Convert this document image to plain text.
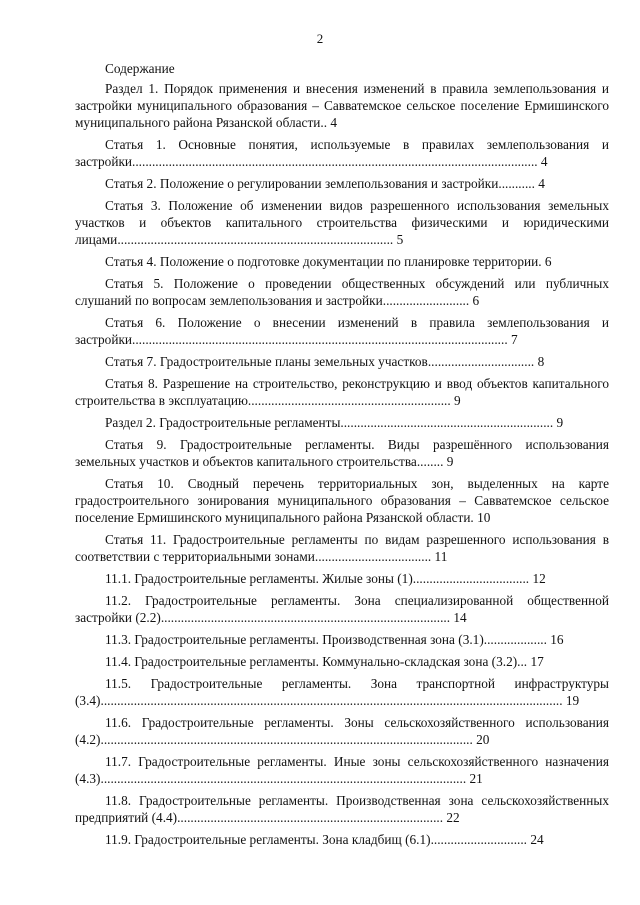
2
Содержание
Раздел 1. Порядок применения и внесения изменений в правила землепользования и застройки муниципального образования – Савватемское сельское поселение Ермишинского муниципального района Рязанской области.. 4
Статья 1. Основные понятия, используемые в правилах землепользования и застройки.......................................................................................................................... 4
Статья 2. Положение о регулировании землепользования и застройки........... 4
Статья 3. Положение об изменении видов разрешенного использования земельных участков и объектов капитального строительства физическими и юридическими лицами................................................................................... 5
Статья 4. Положение о подготовке документации по планировке территории. 6
Статья 5. Положение о проведении общественных обсуждений или публичных слушаний по вопросам землепользования и застройки.......................... 6
Статья 6. Положение о внесении изменений в правила землепользования и застройки................................................................................................................. 7
Статья 7. Градостроительные планы земельных участков................................ 8
Статья 8. Разрешение на строительство, реконструкцию и ввод объектов капитального строительства в эксплуатацию............................................................. 9
Раздел 2. Градостроительные регламенты................................................................ 9
Статья 9. Градостроительные регламенты. Виды разрешённого использования земельных участков и объектов капитального строительства........ 9
Статья 10. Сводный перечень территориальных зон, выделенных на карте градостроительного зонирования муниципального образования – Савватемское сельское поселение Ермишинского муниципального района Рязанской области. 10
Статья 11. Градостроительные регламенты по видам разрешенного использования в соответствии с территориальными зонами................................... 11
11.1. Градостроительные регламенты. Жилые зоны (1)................................... 12
11.2. Градостроительные регламенты. Зона специализированной общественной застройки (2.2)....................................................................................... 14
11.3. Градостроительные регламенты. Производственная зона (3.1)................... 16
11.4. Градостроительные регламенты. Коммунально-складская зона (3.2)... 17
11.5. Градостроительные регламенты. Зона транспортной инфраструктуры (3.4)........................................................................................................................................... 19
11.6. Градостроительные регламенты. Зоны сельскохозяйственного использования (4.2)................................................................................................................ 20
11.7. Градостроительные регламенты. Иные зоны сельскохозяйственного назначения (4.3).............................................................................................................. 21
11.8. Градостроительные регламенты. Производственная зона сельскохозяйственных предприятий (4.4)................................................................................ 22
11.9. Градостроительные регламенты. Зона кладбищ (6.1)............................. 24
